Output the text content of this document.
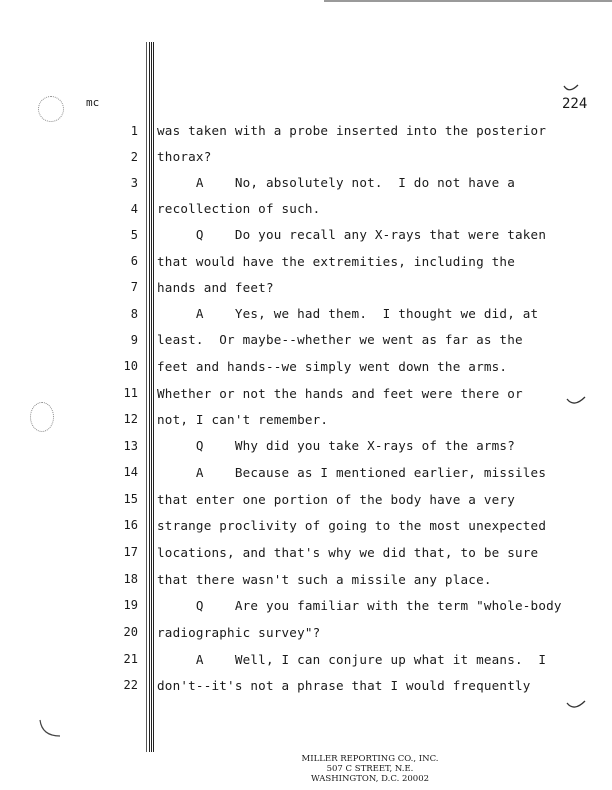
mc	224
1 was taken with a probe inserted into the posterior
2 thorax?
3 A    No, absolutely not.  I do not have a
4 recollection of such.
5 Q    Do you recall any X-rays that were taken
6 that would have the extremities, including the
7 hands and feet?
8 A    Yes, we had them.  I thought we did, at
9 least.  Or maybe--whether we went as far as the
10 feet and hands--we simply went down the arms.
11 Whether or not the hands and feet were there or
12 not, I can't remember.
13 Q    Why did you take X-rays of the arms?
14 A    Because as I mentioned earlier, missiles
15 that enter one portion of the body have a very
16 strange proclivity of going to the most unexpected
17 locations, and that's why we did that, to be sure
18 that there wasn't such a missile any place.
19 Q    Are you familiar with the term "whole-body
20 radiographic survey"?
21 A    Well, I can conjure up what it means.  I
22 don't--it's not a phrase that I would frequently
MILLER REPORTING CO., INC.
507 C STREET, N.E.
WASHINGTON, D.C. 20002
